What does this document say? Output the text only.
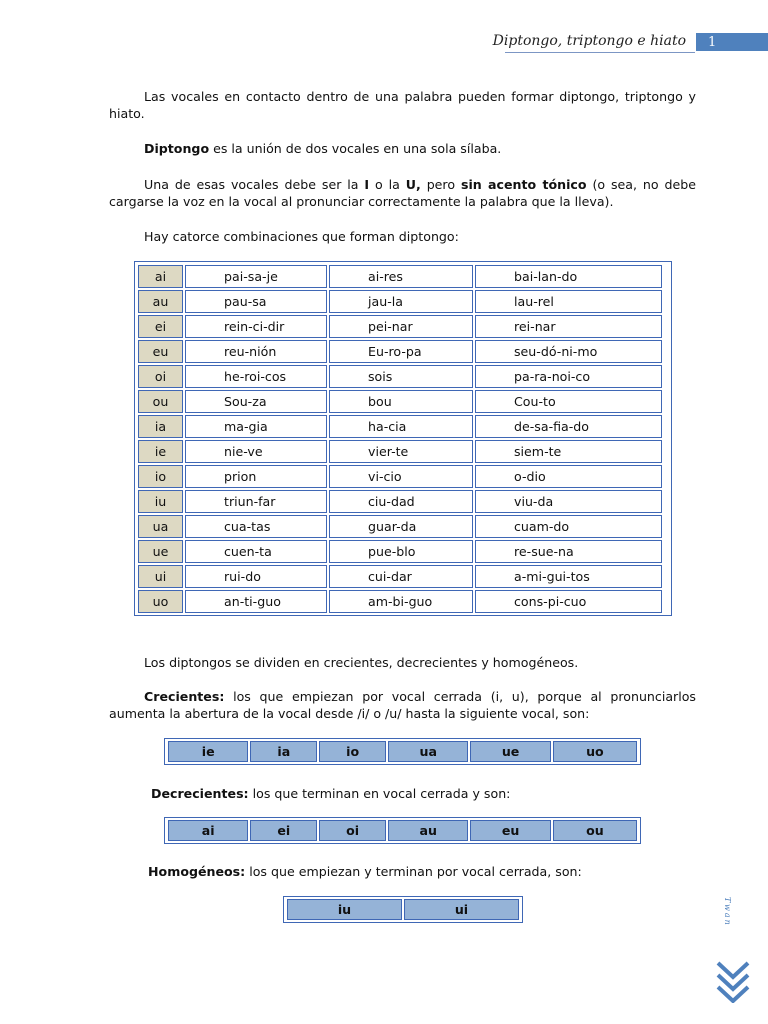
Diptongo, triptongo e hiato	1
Las vocales en contacto dentro de una palabra pueden formar diptongo, triptongo y hiato.
Diptongo es la unión de dos vocales en una sola sílaba.
Una de esas vocales debe ser la I o la U, pero sin acento tónico (o sea, no debe cargarse la voz en la vocal al pronunciar correctamente la palabra que la lleva).
Hay catorce combinaciones que forman diptongo:
ai	pai-sa-je	ai-res	bai-lan-do
au	pau-sa	jau-la	lau-rel
ei	rein-ci-dir	pei-nar	rei-nar
eu	reu-nión	Eu-ro-pa	seu-dó-ni-mo
oi	he-roi-cos	sois	pa-ra-noi-co
ou	Sou-za	bou	Cou-to
ia	ma-gia	ha-cia	de-sa-fia-do
ie	nie-ve	vier-te	siem-te
io	prion	vi-cio	o-dio
iu	triun-far	ciu-dad	viu-da
ua	cua-tas	guar-da	cuam-do
ue	cuen-ta	pue-blo	re-sue-na
ui	rui-do	cui-dar	a-mi-gui-tos
uo	an-ti-guo	am-bi-guo	cons-pi-cuo
Los diptongos se dividen en crecientes, decrecientes y homogéneos.
Crecientes: los que empiezan por vocal cerrada (i, u), porque al pronunciarlos aumenta la abertura de la vocal desde /i/ o /u/ hasta la siguiente vocal, son:
ie	ia	io	ua	ue	uo
Decrecientes: los que terminan en vocal cerrada y son:
ai	ei	oi	au	eu	ou
Homogéneos: los que empiezan y terminan por vocal cerrada, son:
iu	ui	Twan
